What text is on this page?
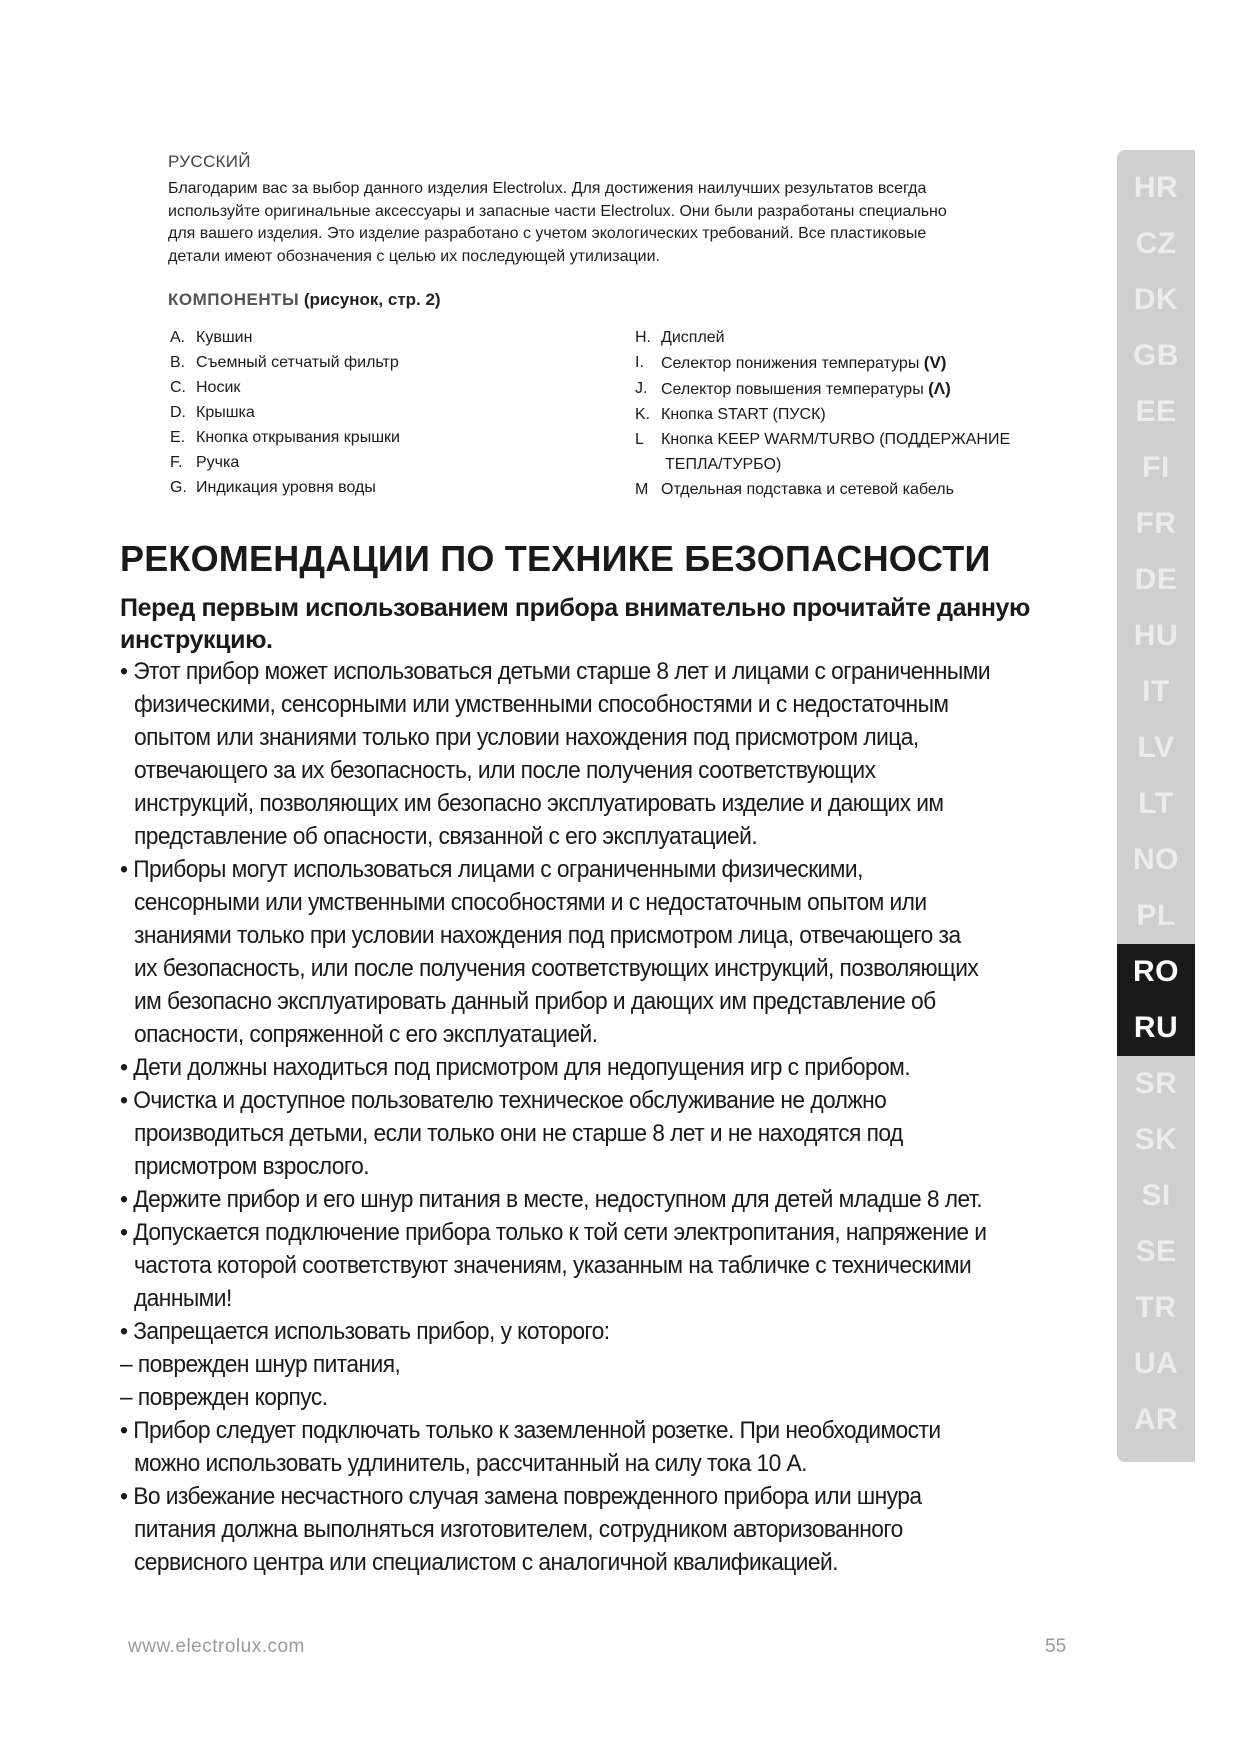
РУССКИЙ
Благодарим вас за выбор данного изделия Electrolux. Для достижения наилучших результатов всегда
используйте оригинальные аксессуары и запасные части Electrolux. Они были разработаны специально
для вашего изделия. Это изделие разработано с учетом экологических требований. Все пластиковые
детали имеют обозначения с целью их последующей утилизации.
КОМПОНЕНТЫ (рисунок, стр. 2)
A. Кувшин
B. Съемный сетчатый фильтр
C. Носик
D. Крышка
E. Кнопка открывания крышки
F. Ручка
G. Индикация уровня воды
H. Дисплей
I.	Селектор понижения температуры (V)
J. Селектор повышения температуры (Λ)
K. Кнопка START (ПУСК)
L	Кнопка KEEP WARM/TURBO (ПОДДЕРЖАНИЕ
ТЕПЛА/ТУРБО)
M Отдельная подставка и сетевой кабель
РЕКОМЕНДАЦИИ ПО ТЕХНИКЕ БЕЗОПАСНОСТИ
Перед первым использованием прибора внимательно прочитайте данную
инструкцию.
• Этот прибор может использоваться детьми старше 8 лет и лицами с ограниченными
физическими, сенсорными или умственными способностями и с недостаточным
опытом или знаниями только при условии нахождения под присмотром лица,
отвечающего за их безопасность, или после получения соответствующих
инструкций, позволяющих им безопасно эксплуатировать изделие и дающих им
представление об опасности, связанной с его эксплуатацией.
• Приборы могут использоваться лицами с ограниченными физическими,
сенсорными или умственными способностями и с недостаточным опытом или
знаниями только при условии нахождения под присмотром лица, отвечающего за
их безопасность, или после получения соответствующих инструкций, позволяющих
им безопасно эксплуатировать данный прибор и дающих им представление об
опасности, сопряженной с его эксплуатацией.
• Дети должны находиться под присмотром для недопущения игр с прибором.
• Очистка и доступное пользователю техническое обслуживание не должно
производиться детьми, если только они не старше 8 лет и не находятся под
присмотром взрослого.
• Держите прибор и его шнур питания в месте, недоступном для детей младше 8 лет.
• Допускается подключение прибора только к той сети электропитания, напряжение и
частота которой соответствуют значениям, указанным на табличке с техническими
данными!
• Запрещается использовать прибор, у которого:
– поврежден шнур питания,
– поврежден корпус.
• Прибор следует подключать только к заземленной розетке. При необходимости
можно использовать удлинитель, рассчитанный на силу тока 10 А.
• Во избежание несчастного случая замена поврежденного прибора или шнура
питания должна выполняться изготовителем, сотрудником авторизованного
сервисного центра или специалистом с аналогичной квалификацией.
www.electrolux.com	55
HR
CZ
DK
GB
EE
FI
FR
DE
HU
IT
LV
LT
NO
PL
RO
RU
SR
SK
SI
SE
TR
UA
AR
